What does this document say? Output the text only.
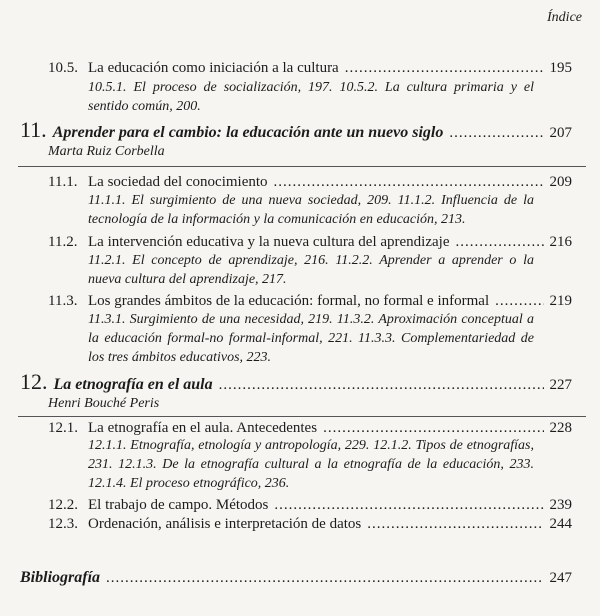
Índice
10.5. La educación como iniciación a la cultura .....	195
10.5.1. El proceso de socialización, 197. 10.5.2. La cultura primaria y el sentido común, 200.
11. Aprender para el cambio: la educación ante un nuevo siglo .....	207
Marta Ruiz Corbella
11.1. La sociedad del conocimiento .....	209
11.1.1. El surgimiento de una nueva sociedad, 209. 11.1.2. Influencia de la tecnología de la información y la comunicación en educación, 213.
11.2. La intervención educativa y la nueva cultura del aprendizaje .....	216
11.2.1. El concepto de aprendizaje, 216. 11.2.2. Aprender a aprender o la nueva cultura del aprendizaje, 217.
11.3. Los grandes ámbitos de la educación: formal, no formal e informal .....	219
11.3.1. Surgimiento de una necesidad, 219. 11.3.2. Aproximación conceptual a la educación formal-no formal-informal, 221. 11.3.3. Complementariedad de los tres ámbitos educativos, 223.
12. La etnografía en el aula .....	227
Henri Bouché Peris
12.1. La etnografía en el aula. Antecedentes .....	228
12.1.1. Etnografía, etnología y antropología, 229. 12.1.2. Tipos de etnografías, 231. 12.1.3. De la etnografía cultural a la etnografía de la educación, 233. 12.1.4. El proceso etnográfico, 236.
12.2. El trabajo de campo. Métodos .....	239
12.3. Ordenación, análisis e interpretación de datos .....	244
Bibliografía .....	247
